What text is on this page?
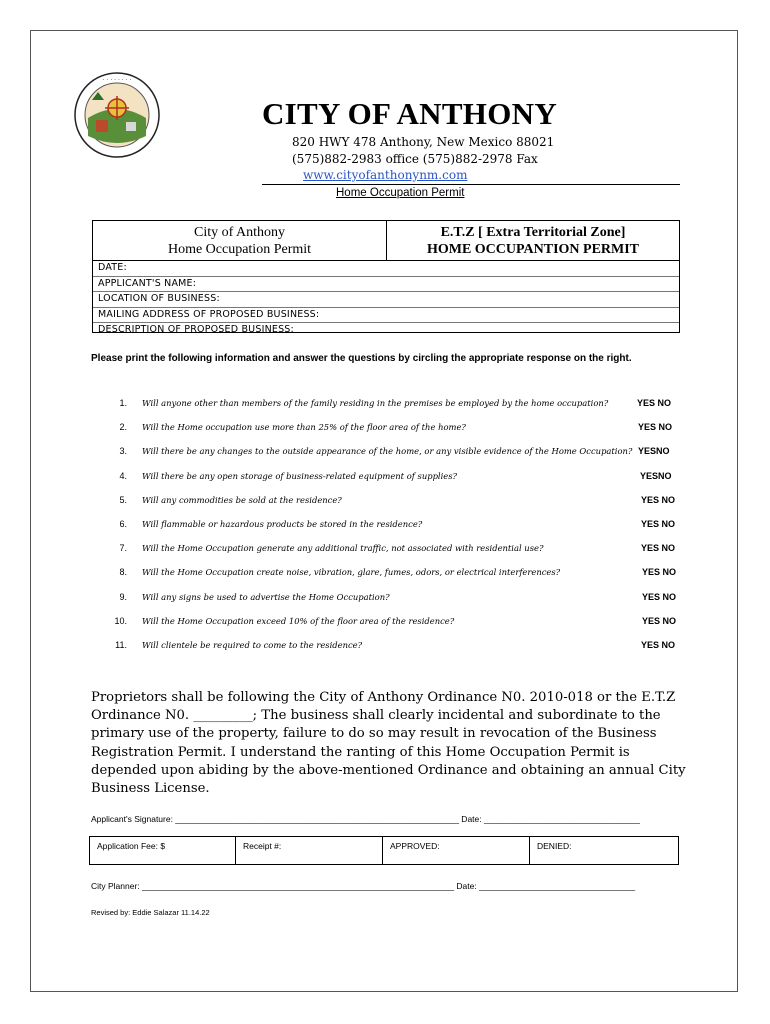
· · · · · · · ·
CITY OF ANTHONY
820 HWY 478 Anthony, New Mexico 88021
(575)882-2983 office (575)882-2978 Fax
www.cityofanthonynm.com
Home Occupation Permit
City of Anthony
Home Occupation Permit
E.T.Z [ Extra Territorial Zone]
HOME OCCUPANTION PERMIT
DATE:
APPLICANT'S NAME:
LOCATION OF BUSINESS:
MAILING ADDRESS OF PROPOSED BUSINESS:
DESCRIPTION OF PROPOSED BUSINESS:
Please print the following information and answer the questions by circling the appropriate response on the right.
1. Will anyone other than members of the family residing in the premises be employed by the home occupation?	YES NO
2. Will the Home occupation use more than 25% of the floor area of the home?	YES NO
3. Will there be any changes to the outside appearance of the home, or any visible evidence of the Home Occupation? YESNO
4. Will there be any open storage of business-related equipment of supplies?	YESNO
5. Will any commodities be sold at the residence?	YES NO
6. Will flammable or hazardous products be stored in the residence?	YES NO
7. Will the Home Occupation generate any additional traffic, not associated with residential use?	YES NO
8. Will the Home Occupation create noise, vibration, glare, fumes, odors, or electrical interferences?	YES NO
9. Will any signs be used to advertise the Home Occupation?	YES NO
10. Will the Home Occupation exceed 10% of the floor area of the residence?	YES NO
11. Will clientele be required to come to the residence?	YES NO
Proprietors shall be following the City of Anthony Ordinance N0. 2010-018 or the E.T.Z Ordinance N0. _________; The business shall clearly incidental and subordinate to the primary use of the property, failure to do so may result in revocation of the Business Registration Permit. I understand the ranting of this Home Occupation Permit is depended upon abiding by the above-mentioned Ordinance and obtaining an annual City Business License.
Applicant's Signature: ____________________________________________________________ Date: _________________________________
Application Fee: $	Receipt #:	APPROVED:	DENIED:
City Planner: __________________________________________________________________ Date: _________________________________
Revised by: Eddie Salazar 11.14.22
